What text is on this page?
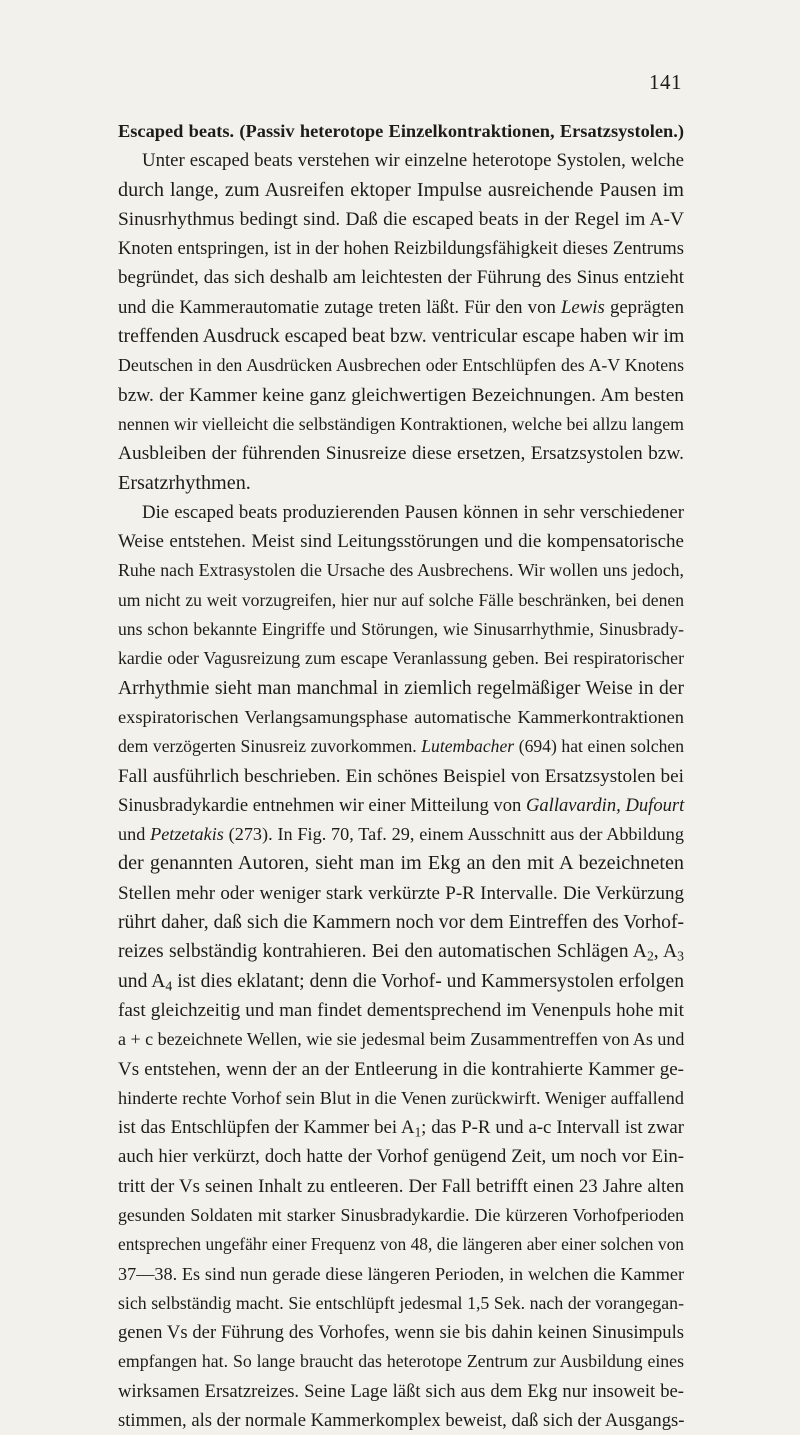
141
Escaped beats. (Passiv heterotope Einzelkontraktionen, Ersatzsystolen.)
Unter escaped beats verstehen wir einzelne heterotope Systolen, welche
durch lange, zum Ausreifen ektoper Impulse ausreichende Pausen im
Sinusrhythmus bedingt sind. Daß die escaped beats in der Regel im A-V
Knoten entspringen, ist in der hohen Reizbildungsfähigkeit dieses Zentrums
begründet, das sich deshalb am leichtesten der Führung des Sinus entzieht
und die Kammerautomatie zutage treten läßt. Für den von Lewis geprägten
treffenden Ausdruck escaped beat bzw. ventricular escape haben wir im
Deutschen in den Ausdrücken Ausbrechen oder Entschlüpfen des A-V Knotens
bzw. der Kammer keine ganz gleichwertigen Bezeichnungen. Am besten
nennen wir vielleicht die selbständigen Kontraktionen, welche bei allzu langem
Ausbleiben der führenden Sinusreize diese ersetzen, Ersatzsystolen bzw.
Ersatzrhythmen.
Die escaped beats produzierenden Pausen können in sehr verschiedener
Weise entstehen. Meist sind Leitungsstörungen und die kompensatorische
Ruhe nach Extrasystolen die Ursache des Ausbrechens. Wir wollen uns jedoch,
um nicht zu weit vorzugreifen, hier nur auf solche Fälle beschränken, bei denen
uns schon bekannte Eingriffe und Störungen, wie Sinusarrhythmie, Sinusbrady-
kardie oder Vagusreizung zum escape Veranlassung geben. Bei respiratorischer
Arrhythmie sieht man manchmal in ziemlich regelmäßiger Weise in der
exspiratorischen Verlangsamungsphase automatische Kammerkontraktionen
dem verzögerten Sinusreiz zuvorkommen. Lutembacher (694) hat einen solchen
Fall ausführlich beschrieben. Ein schönes Beispiel von Ersatzsystolen bei
Sinusbradykardie entnehmen wir einer Mitteilung von Gallavardin, Dufourt
und Petzetakis (273). In Fig. 70, Taf. 29, einem Ausschnitt aus der Abbildung
der genannten Autoren, sieht man im Ekg an den mit A bezeichneten
Stellen mehr oder weniger stark verkürzte P-R Intervalle. Die Verkürzung
rührt daher, daß sich die Kammern noch vor dem Eintreffen des Vorhof-
reizes selbständig kontrahieren. Bei den automatischen Schlägen $A_2$, $A_3$
und $A_4$ ist dies eklatant; denn die Vorhof- und Kammersystolen erfolgen
fast gleichzeitig und man findet dementsprechend im Venenpuls hohe mit
a + c bezeichnete Wellen, wie sie jedesmal beim Zusammentreffen von As und
Vs entstehen, wenn der an der Entleerung in die kontrahierte Kammer ge-
hinderte rechte Vorhof sein Blut in die Venen zurückwirft. Weniger auffallend
ist das Entschlüpfen der Kammer bei $A_1$; das P-R und a-c Intervall ist zwar
auch hier verkürzt, doch hatte der Vorhof genügend Zeit, um noch vor Ein-
tritt der Vs seinen Inhalt zu entleeren. Der Fall betrifft einen 23 Jahre alten
gesunden Soldaten mit starker Sinusbradykardie. Die kürzeren Vorhofperioden
entsprechen ungefähr einer Frequenz von 48, die längeren aber einer solchen von
37—38. Es sind nun gerade diese längeren Perioden, in welchen die Kammer
sich selbständig macht. Sie entschlüpft jedesmal 1,5 Sek. nach der vorangegan-
genen Vs der Führung des Vorhofes, wenn sie bis dahin keinen Sinusimpuls
empfangen hat. So lange braucht das heterotope Zentrum zur Ausbildung eines
wirksamen Ersatzreizes. Seine Lage läßt sich aus dem Ekg nur insoweit be-
stimmen, als der normale Kammerkomplex beweist, daß sich der Ausgangs-
